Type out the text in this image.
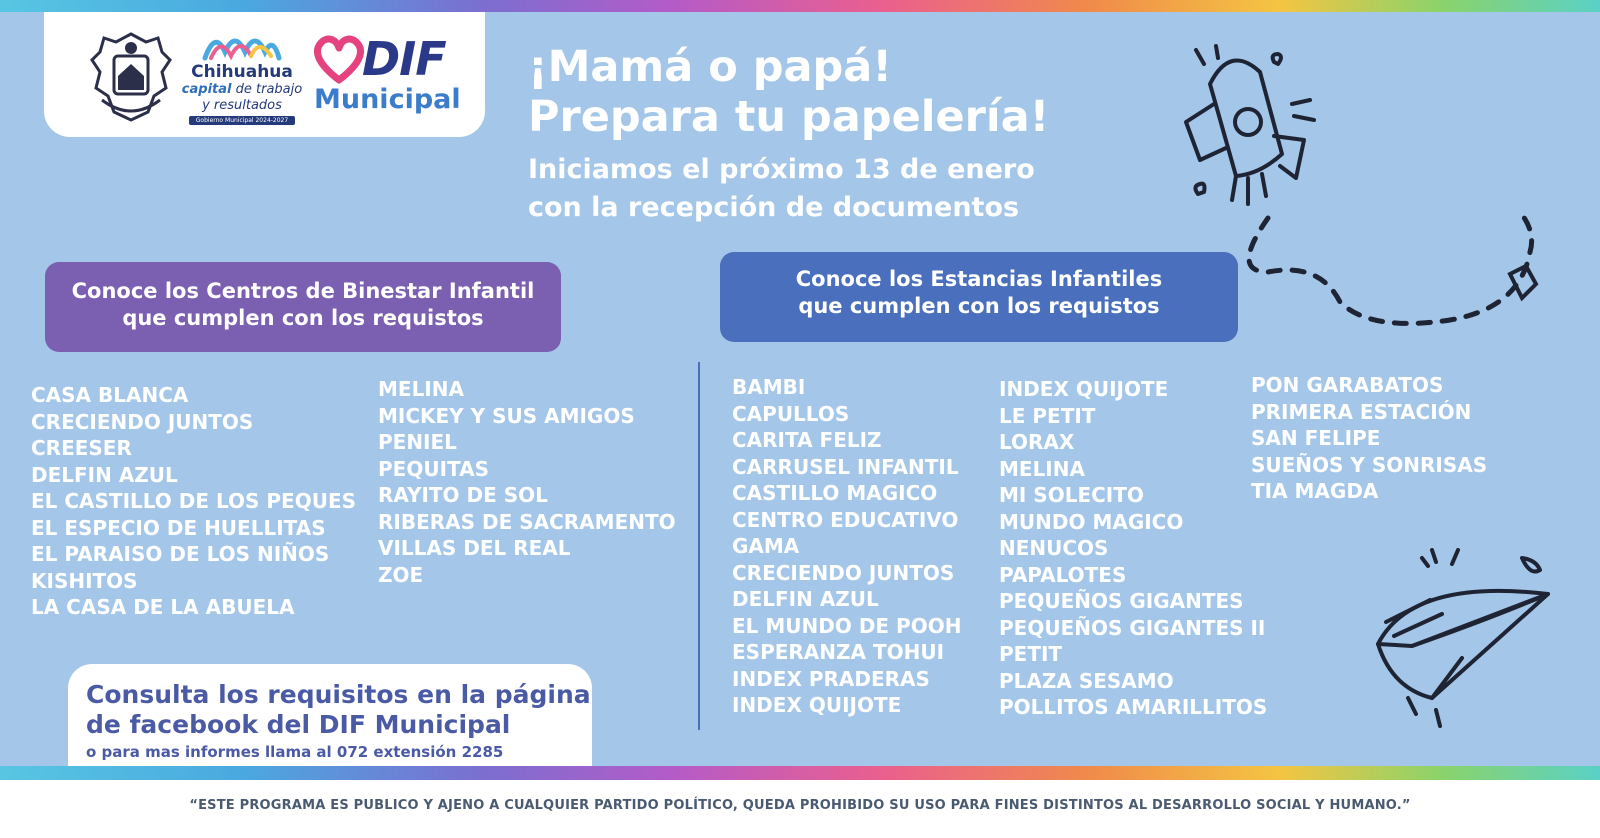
Chihuahua
capital de trabajo
y resultados
Gobierno Municipal 2024-2027
DIF
Municipal
¡Mamá o papá!
Prepara tu papelería!
Iniciamos el próximo 13 de enero
con la recepción de documentos
Conoce los Centros de Binestar Infantil
que cumplen con los requistos
Conoce los Estancias Infantiles
que cumplen con los requistos
CASA BLANCA
CRECIENDO JUNTOS
CREESER
DELFIN AZUL
EL CASTILLO DE LOS PEQUES
EL ESPECIO DE HUELLITAS
EL PARAISO DE LOS NIÑOS
KISHITOS
LA CASA DE LA ABUELA
MELINA
MICKEY Y SUS AMIGOS
PENIEL
PEQUITAS
RAYITO DE SOL
RIBERAS DE SACRAMENTO
VILLAS DEL REAL
ZOE
BAMBI
CAPULLOS
CARITA FELIZ
CARRUSEL INFANTIL
CASTILLO MAGICO
CENTRO EDUCATIVO
GAMA
CRECIENDO JUNTOS
DELFIN AZUL
EL MUNDO DE POOH
ESPERANZA TOHUI
INDEX PRADERAS
INDEX QUIJOTE
INDEX QUIJOTE
LE PETIT
LORAX
MELINA
MI SOLECITO
MUNDO MAGICO
NENUCOS
PAPALOTES
PEQUEÑOS GIGANTES
PEQUEÑOS GIGANTES II
PETIT
PLAZA SESAMO
POLLITOS AMARILLITOS
PON GARABATOS
PRIMERA ESTACIÓN
SAN FELIPE
SUEÑOS Y SONRISAS
TIA MAGDA
Consulta los requisitos en la página
de facebook del DIF Municipal
o para mas informes llama al 072 extensión 2285
“ESTE PROGRAMA ES PUBLICO Y AJENO A CUALQUIER PARTIDO POLÍTICO, QUEDA PROHIBIDO SU USO PARA FINES DISTINTOS AL DESARROLLO SOCIAL Y HUMANO.”
